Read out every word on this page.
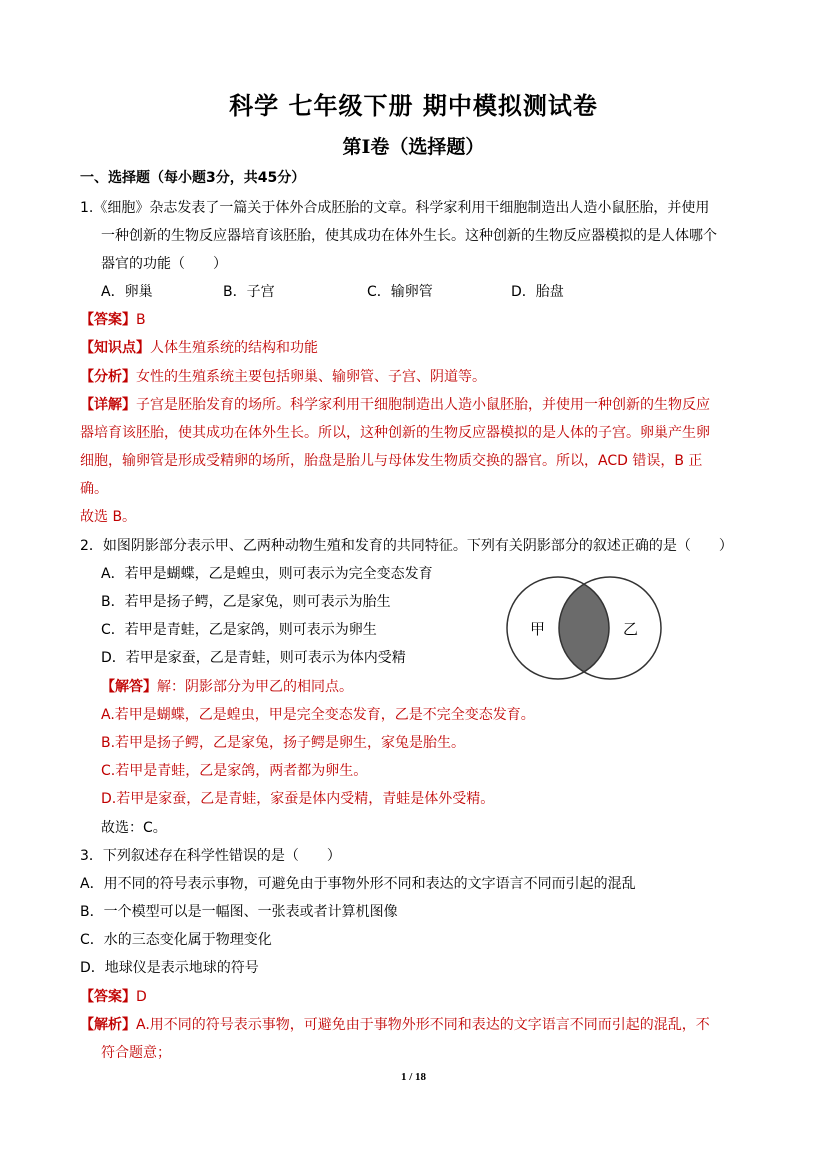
科学 七年级下册 期中模拟测试卷
第Ⅰ卷（选择题）
一、选择题（每小题3分，共45分）
1.《细胞》杂志发表了一篇关于体外合成胚胎的文章。科学家利用干细胞制造出人造小鼠胚胎，并使用
一种创新的生物反应器培育该胚胎，使其成功在体外生长。这种创新的生物反应器模拟的是人体哪个
器官的功能（　　）
A．卵巢	B．子宫	C．输卵管	D．胎盘
【答案】B
【知识点】人体生殖系统的结构和功能
【分析】女性的生殖系统主要包括卵巢、输卵管、子宫、阴道等。
【详解】子宫是胚胎发育的场所。科学家利用干细胞制造出人造小鼠胚胎，并使用一种创新的生物反应
器培育该胚胎，使其成功在体外生长。所以，这种创新的生物反应器模拟的是人体的子宫。卵巢产生卵
细胞，输卵管是形成受精卵的场所，胎盘是胎儿与母体发生物质交换的器官。所以，ACD 错误，B 正
确。
故选 B。
2．如图阴影部分表示甲、乙两种动物生殖和发育的共同特征。下列有关阴影部分的叙述正确的是（　　）
A．若甲是蝴蝶，乙是蝗虫，则可表示为完全变态发育
B．若甲是扬子鳄，乙是家兔，则可表示为胎生
C．若甲是青蛙，乙是家鸽，则可表示为卵生
D．若甲是家蚕，乙是青蛙，则可表示为体内受精
甲	乙
【解答】解：阴影部分为甲乙的相同点。
A.若甲是蝴蝶，乙是蝗虫，甲是完全变态发育，乙是不完全变态发育。
B.若甲是扬子鳄，乙是家兔，扬子鳄是卵生，家兔是胎生。
C.若甲是青蛙，乙是家鸽，两者都为卵生。
D.若甲是家蚕，乙是青蛙，家蚕是体内受精，青蛙是体外受精。
故选：C。
3．下列叙述存在科学性错误的是（　　）
A．用不同的符号表示事物，可避免由于事物外形不同和表达的文字语言不同而引起的混乱
B．一个模型可以是一幅图、一张表或者计算机图像
C．水的三态变化属于物理变化
D．地球仪是表示地球的符号
【答案】D
【解析】A.用不同的符号表示事物，可避免由于事物外形不同和表达的文字语言不同而引起的混乱，不
符合题意；
1 / 18
